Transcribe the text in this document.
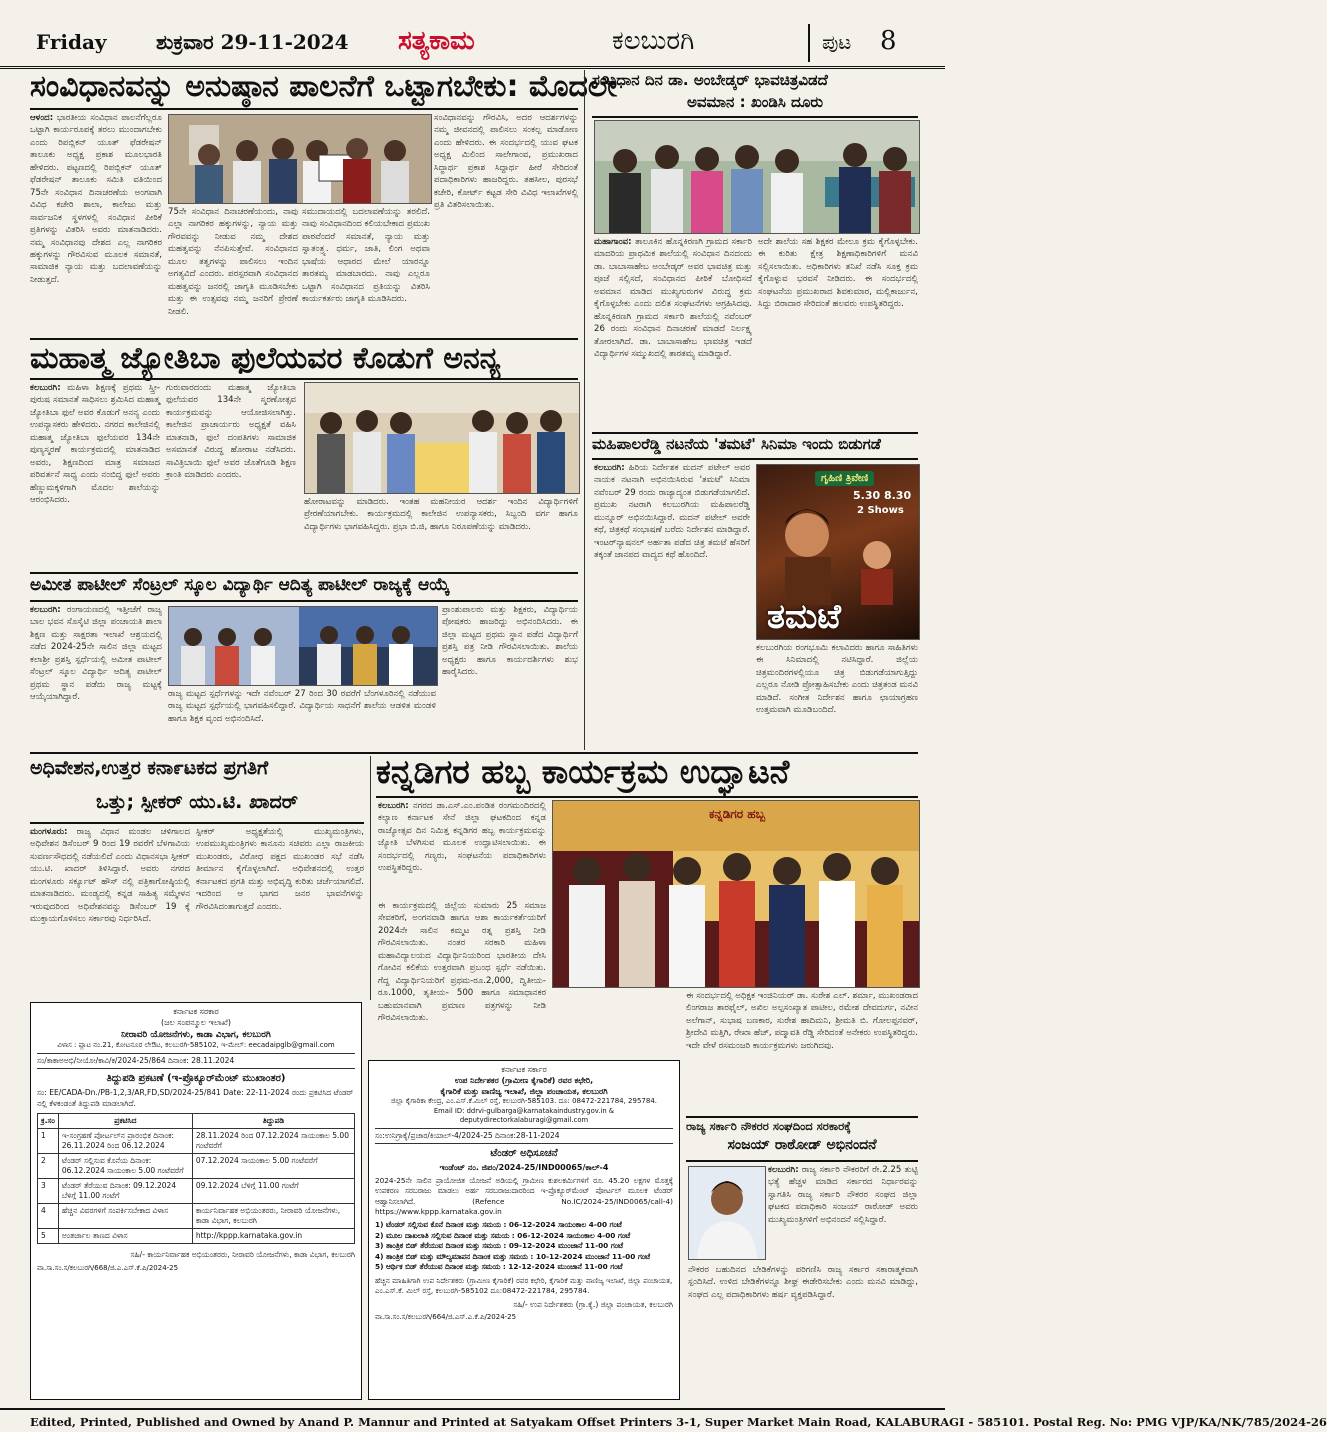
Friday ಶುಕ್ರವಾರ 29-11-2024 ಸತ್ಯಕಾಮ	ಕಲಬುರಗಿ	ಪುಟ 8
ಸಂವಿಧಾನವನ್ನು ಅನುಷ್ಠಾನ ಪಾಲನೆಗೆ ಒಟ್ಟಾಗಬೇಕು: ಮೊದಲೇ

ಆಳಂದ: ಭಾರತೀಯ ಸಂವಿಧಾನ ಪಾಲನೆಗೆಲ್ಲರೂ ಒಟ್ಟಾಗಿ ಕಾರ್ಯರೂಪಕ್ಕೆ ತರಲು ಮುಂದಾಗಬೇಕು ಎಂದು ರಿಪಬ್ಲಿಕನ್ ಯೂತ್ ಫೆಡರೇಷನ್ ತಾಲೂಕು ಅಧ್ಯಕ್ಷ ಪ್ರಕಾಶ ಮೂಲಭಾರತಿ ಹೇಳಿದರು. ಪಟ್ಟಣದಲ್ಲಿ ರಿಪಬ್ಲಿಕನ್ ಯೂತ್ ಫೆಡರೇಷನ್ ತಾಲೂಕು ಸಮಿತಿ ವತಿಯಿಂದ 75ನೇ ಸಂವಿಧಾನ ದಿನಾಚರಣೆಯ ಅಂಗವಾಗಿ ವಿವಿಧ ಕಚೇರಿ ಶಾಲಾ, ಕಾಲೇಜು ಮತ್ತು ಸಾರ್ವಜನಿಕ ಸ್ಥಳಗಳಲ್ಲಿ ಸಂವಿಧಾನ ಪೀಠಿಕೆ ಪ್ರತಿಗಳನ್ನು ವಿತರಿಸಿ ಅವರು ಮಾತನಾಡಿದರು. ನಮ್ಮ ಸಂವಿಧಾನವು ದೇಶದ ಎಲ್ಲ ನಾಗರಿಕರ ಹಕ್ಕುಗಳನ್ನು ಗೌರವಿಸುವ ಮೂಲಕ ಸಮಾನತೆ, ಸಾಮಾಜಿಕ ನ್ಯಾಯ ಮತ್ತು ಬದಲಾವಣೆಯನ್ನು ನೀಡುತ್ತದೆ.

ಸಂವಿಧಾನವನ್ನು ಗೌರವಿಸಿ, ಅದರ ಆದರ್ಶಗಳನ್ನು ನಮ್ಮ ಜೀವನದಲ್ಲಿ ಪಾಲಿಸಲು ಸಂಕಲ್ಪ ಮಾಡೋಣ ಎಂದು ಹೇಳಿದರು. ಈ ಸಂದರ್ಭದಲ್ಲಿ ಯುವ ಘಟಕ ಅಧ್ಯಕ್ಷ ಮಿಲಿಂದ ಸಾಲೇಗಾಂವ, ಪ್ರಮುಖರಾದ ಸಿದ್ಧಾರ್ಥ ಪ್ರಕಾಶ ಸಿದ್ದಾರ್ಥ ಹೀರೆ ಸೇರಿದಂತೆ ಪದಾಧಿಕಾರಿಗಳು ಹಾಜರಿದ್ದರು. ತಹಸೀಲ, ಪುರಸಭೆ ಕಚೇರಿ, ಕೋರ್ಟ್ ಕಟ್ಟಡ ಸೇರಿ ವಿವಿಧ ಇಲಾಖೆಗಳಲ್ಲಿ ಪ್ರತಿ ವಿತರಿಸಲಾಯಿತು.
75ನೇ ಸಂವಿಧಾನ ದಿನಾಚರಣೆಯಂದು, ನಾವು ಎಲ್ಲಾ ನಾಗರಿಕರ ಹಕ್ಕುಗಳನ್ನು, ನ್ಯಾಯ ಮತ್ತು ಗೌರವವನ್ನು ನೀಡುವ ನಮ್ಮ ದೇಶದ ಮಹತ್ವವನ್ನು ನೆನಪಿಸುತ್ತೇವೆ. ಸಂವಿಧಾನದ ಮೂಲ ತತ್ವಗಳನ್ನು ಪಾಲಿಸಲು ಇಂದಿನ ಅಗತ್ಯವಿದೆ ಎಂದರು. ಪರಸ್ಪರವಾಗಿ ಸಂವಿಧಾನದ ಮಹತ್ವವನ್ನು ಜನರಲ್ಲಿ ಜಾಗೃತಿ ಮೂಡಿಸಬೇಕು ಮತ್ತು ಈ ಉತ್ಸವವು ನಮ್ಮ ಜನರಿಗೆ ಪ್ರೇರಣೆ ನೀಡಲಿ.
ಸಮುದಾಯದಲ್ಲಿ ಬದಲಾವಣೆಯನ್ನು ತರಲಿದೆ. ನಾವು ಸಂವಿಧಾನದಿಂದ ಕಲಿಯಬೇಕಾದ ಪ್ರಮುಖ ಪಾಠವೆಂದರೆ ಸಮಾನತೆ, ನ್ಯಾಯ ಮತ್ತು ಸ್ವಾತಂತ್ರ್ಯ. ಧರ್ಮ, ಜಾತಿ, ಲಿಂಗ ಅಥವಾ ಭಾಷೆಯ ಆಧಾರದ ಮೇಲೆ ಯಾರನ್ನೂ ತಾರತಮ್ಯ ಮಾಡಬಾರದು. ನಾವು ಎಲ್ಲರೂ ಒಟ್ಟಾಗಿ ಸಂವಿಧಾನದ ಪ್ರತಿಯನ್ನು ವಿತರಿಸಿ ಕಾರ್ಯಕರ್ತರು ಜಾಗೃತಿ ಮೂಡಿಸಿದರು.
ಸಂವಿಧಾನ ದಿನ ಡಾ. ಅಂಬೇಡ್ಕರ್ ಭಾವಚಿತ್ರವಿಡದೆ
ಅವಮಾನ : ಖಂಡಿಸಿ ದೂರು

ಮಹಾಗಾಂವ: ತಾಲೂಕಿನ ಹೊನ್ನಕಿರಣಗಿ ಗ್ರಾಮದ ಸರ್ಕಾರಿ ಮಾದರಿಯ ಪ್ರಾಥಮಿಕ ಶಾಲೆಯಲ್ಲಿ ಸಂವಿಧಾನ ದಿನದಂದು ಡಾ. ಬಾಬಾಸಾಹೇಬ ಅಂಬೇಡ್ಕರ್ ಅವರ ಭಾವಚಿತ್ರ ಮತ್ತು ಪೂಜೆ ಸಲ್ಲಿಸದೆ, ಸಂವಿಧಾನದ ಪೀಠಿಕೆ ಬೋಧಿಸದೆ ಅವಮಾನ ಮಾಡಿದ ಮುಖ್ಯಗುರುಗಳ ವಿರುದ್ಧ ಕ್ರಮ ಕೈಗೊಳ್ಳಬೇಕು ಎಂದು ದಲಿತ ಸಂಘಟನೆಗಳು ಆಗ್ರಹಿಸಿದವು. ಹೊನ್ನಕಿರಣಗಿ ಗ್ರಾಮದ ಸರ್ಕಾರಿ ಶಾಲೆಯಲ್ಲಿ ನವೆಂಬರ್ 26 ರಂದು ಸಂವಿಧಾನ ದಿನಾಚರಣೆ ಮಾಡದೆ ನಿರ್ಲಕ್ಷ್ಯ ತೋರಲಾಗಿದೆ. ಡಾ. ಬಾಬಾಸಾಹೇಬ ಭಾವಚಿತ್ರ ಇಡದೆ ವಿದ್ಯಾರ್ಥಿಗಳ ಸಮ್ಮುಖದಲ್ಲಿ ತಾರತಮ್ಯ ಮಾಡಿದ್ದಾರೆ.

ಅದೇ ಶಾಲೆಯ ಸಹ ಶಿಕ್ಷಕರ ಮೇಲೂ ಕ್ರಮ ಕೈಗೊಳ್ಳಬೇಕು. ಈ ಕುರಿತು ಕ್ಷೇತ್ರ ಶಿಕ್ಷಣಾಧಿಕಾರಿಗಳಿಗೆ ಮನವಿ ಸಲ್ಲಿಸಲಾಯಿತು. ಅಧಿಕಾರಿಗಳು ತನಿಖೆ ನಡೆಸಿ ಸೂಕ್ತ ಕ್ರಮ ಕೈಗೊಳ್ಳುವ ಭರವಸೆ ನೀಡಿದರು. ಈ ಸಂದರ್ಭದಲ್ಲಿ ಸಂಘಟನೆಯ ಪ್ರಮುಖರಾದ ಶಿವಕುಮಾರ, ಮಲ್ಲಿಕಾರ್ಜುನ, ಸಿದ್ದು ಬಿರಾದಾರ ಸೇರಿದಂತೆ ಹಲವರು ಉಪಸ್ಥಿತರಿದ್ದರು.
ಮಹಾತ್ಮ ಜ್ಯೋತಿಬಾ ಫುಲೆಯವರ ಕೊಡುಗೆ ಅನನ್ಯ

ಕಲಬುರಗಿ: ಮಹಿಳಾ ಶಿಕ್ಷಣಕ್ಕೆ ಪ್ರಥಮ ಸ್ತ್ರೀ-ಪುರುಷ ಸಮಾನತೆ ಸಾಧಿಸಲು ಶ್ರಮಿಸಿದ ಮಹಾತ್ಮ ಜ್ಯೋತಿಬಾ ಫುಲೆ ಅವರ ಕೊಡುಗೆ ಅನನ್ಯ ಎಂದು ಉಪನ್ಯಾಸಕರು ಹೇಳಿದರು. ನಗರದ ಕಾಲೇಜಿನಲ್ಲಿ ಮಹಾತ್ಮ ಜ್ಯೋತಿಬಾ ಫುಲೆಯವರ 134ನೇ ಪುಣ್ಯಸ್ಮರಣೆ ಕಾರ್ಯಕ್ರಮದಲ್ಲಿ ಮಾತನಾಡಿದ ಅವರು, ಶಿಕ್ಷಣದಿಂದ ಮಾತ್ರ ಸಮಾಜದ ಪರಿವರ್ತನೆ ಸಾಧ್ಯ ಎಂದು ನಂಬಿದ್ದ ಫುಲೆ ಅವರು ಹೆಣ್ಣುಮಕ್ಕಳಿಗಾಗಿ ಮೊದಲ ಶಾಲೆಯನ್ನು ಆರಂಭಿಸಿದರು.

ಗುರುವಾರದಂದು ಮಹಾತ್ಮ ಜ್ಯೋತಿಬಾ ಫುಲೆಯವರ 134ನೇ ಸ್ಮರಣೋತ್ಸವ ಕಾರ್ಯಕ್ರಮವನ್ನು ಆಯೋಜಿಸಲಾಗಿತ್ತು. ಕಾಲೇಜಿನ ಪ್ರಾಚಾರ್ಯರು ಅಧ್ಯಕ್ಷತೆ ವಹಿಸಿ ಮಾತನಾಡಿ, ಫುಲೆ ದಂಪತಿಗಳು ಸಾಮಾಜಿಕ ಅಸಮಾನತೆ ವಿರುದ್ಧ ಹೋರಾಟ ನಡೆಸಿದರು. ಸಾವಿತ್ರಿಬಾಯಿ ಫುಲೆ ಅವರ ಜೊತೆಗೂಡಿ ಶಿಕ್ಷಣ ಕ್ರಾಂತಿ ಮಾಡಿದರು ಎಂದರು.
ಹೋರಾಟವನ್ನು ಮಾಡಿದರು. ಇಂತಹ ಮಹನೀಯರ ಆದರ್ಶ ಇಂದಿನ ವಿದ್ಯಾರ್ಥಿಗಳಿಗೆ ಪ್ರೇರಣೆಯಾಗಬೇಕು. ಕಾರ್ಯಕ್ರಮದಲ್ಲಿ ಕಾಲೇಜಿನ ಉಪನ್ಯಾಸಕರು, ಸಿಬ್ಬಂದಿ ವರ್ಗ ಹಾಗೂ ವಿದ್ಯಾರ್ಥಿಗಳು ಭಾಗವಹಿಸಿದ್ದರು. ಪ್ರಭಾ ಬಿ.ಜಿ, ಹಾಗೂ ನಿರೂಪಣೆಯನ್ನು ಮಾಡಿದರು.
ಅಮೀತ ಪಾಟೀಲ್ ಸೆಂಟ್ರಲ್ ಸ್ಕೂಲ ವಿದ್ಯಾರ್ಥಿ ಆದಿತ್ಯ ಪಾಟೀಲ್ ರಾಜ್ಯಕ್ಕೆ ಆಯ್ಕೆ

ಕಲಬುರಗಿ: ರಂಗಾಯಣದಲ್ಲಿ ಇತ್ತೀಚೆಗೆ ರಾಜ್ಯ ಬಾಲ ಭವನ ಸೊಸೈಟಿ ಜಿಲ್ಲಾ ಪಂಚಾಯತಿ ಶಾಲಾ ಶಿಕ್ಷಣ ಮತ್ತು ಸಾಕ್ಷರತಾ ಇಲಾಖೆ ಆಶ್ರಯದಲ್ಲಿ ನಡೆದ 2024-25ನೇ ಸಾಲಿನ ಜಿಲ್ಲಾ ಮಟ್ಟದ ಕಲಾಶ್ರೀ ಪ್ರಶಸ್ತಿ ಸ್ಪರ್ಧೆಯಲ್ಲಿ ಅಮೀತ ಪಾಟೀಲ್ ಸೆಂಟ್ರಲ್ ಸ್ಕೂಲ ವಿದ್ಯಾರ್ಥಿ ಆದಿತ್ಯ ಪಾಟೀಲ್ ಪ್ರಥಮ ಸ್ಥಾನ ಪಡೆದು ರಾಜ್ಯ ಮಟ್ಟಕ್ಕೆ ಆಯ್ಕೆಯಾಗಿದ್ದಾರೆ.	ರಾಜ್ಯ ಮಟ್ಟದ ಸ್ಪರ್ಧೆಗಳನ್ನು ಇದೇ ನವೆಂಬರ್ 27 ರಿಂದ 30 ರವರೆಗೆ ಬೆಂಗಳೂರಿನಲ್ಲಿ ನಡೆಯುವ ರಾಜ್ಯ ಮಟ್ಟದ ಸ್ಪರ್ಧೆಯಲ್ಲಿ ಭಾಗವಹಿಸಲಿದ್ದಾರೆ. ವಿದ್ಯಾರ್ಥಿಯ ಸಾಧನೆಗೆ ಶಾಲೆಯ ಆಡಳಿತ ಮಂಡಳಿ ಹಾಗೂ ಶಿಕ್ಷಕ ವೃಂದ ಅಭಿನಂದಿಸಿದೆ.
ಪ್ರಾಂಶುಪಾಲರು ಮತ್ತು ಶಿಕ್ಷಕರು, ವಿದ್ಯಾರ್ಥಿಯ ಪೋಷಕರು ಹಾಜರಿದ್ದು ಅಭಿನಂದಿಸಿದರು. ಈ ಜಿಲ್ಲಾ ಮಟ್ಟದ ಪ್ರಥಮ ಸ್ಥಾನ ಪಡೆದ ವಿದ್ಯಾರ್ಥಿಗೆ ಪ್ರಶಸ್ತಿ ಪತ್ರ ನೀಡಿ ಗೌರವಿಸಲಾಯಿತು. ಶಾಲೆಯ ಅಧ್ಯಕ್ಷರು ಹಾಗೂ ಕಾರ್ಯದರ್ಶಿಗಳು ಶುಭ ಹಾರೈಸಿದರು.
ಮಹಿಪಾಲರೆಡ್ಡಿ ನಟನೆಯ 'ತಮಟೆ' ಸಿನಿಮಾ ಇಂದು ಬಿಡುಗಡೆ

ಕಲಬುರಗಿ: ಹಿರಿಯ ನಿರ್ದೇಶಕ ಮದನ್ ಪಟೇಲ್ ಅವರ ನಾಯಕ ನಟನಾಗಿ ಅಭಿನಯಿಸಿರುವ 'ತಮಟೆ' ಸಿನಿಮಾ ನವೆಂಬರ್ 29 ರಂದು ರಾಜ್ಯಾದ್ಯಂತ ಬಿಡುಗಡೆಯಾಗಲಿದೆ. ಪ್ರಮುಖ ನಟರಾಗಿ ಕಲಬುರಗಿಯ ಮಹಿಪಾಲರೆಡ್ಡಿ ಮುನ್ನೂರ್ ಅಭಿನಯಿಸಿದ್ದಾರೆ. ಮದನ್ ಪಟೇಲ್ ಅವರೇ ಕಥೆ, ಚಿತ್ರಕಥೆ ಸಂಭಾಷಣೆ ಬರೆದು ನಿರ್ದೇಶನ ಮಾಡಿದ್ದಾರೆ. ಇಂಟರ್‌ನ್ಯಾಷನಲ್ ಅರ್ಹತಾ ಪಡೆದ ಚಿತ್ರ ತಮಟೆ ಹೆಸರಿಗೆ ತಕ್ಕಂತೆ ಜಾನಪದ ವಾದ್ಯದ ಕಥೆ ಹೊಂದಿದೆ.

ಗೃಹಿಣಿ ತ್ರಿವೇಣಿ
5.30 8.30
2 Shows
ತಮಟೆ
ಕಲಬುರಗಿಯ ರಂಗಭೂಮಿ ಕಲಾವಿದರು ಹಾಗೂ ಸಾಹಿತಿಗಳು ಈ ಸಿನಿಮಾದಲ್ಲಿ ನಟಿಸಿದ್ದಾರೆ. ಜಿಲ್ಲೆಯ ಚಿತ್ರಮಂದಿರಗಳಲ್ಲಿಯೂ ಚಿತ್ರ ಬಿಡುಗಡೆಯಾಗುತ್ತಿದ್ದು ಎಲ್ಲರೂ ನೋಡಿ ಪ್ರೋತ್ಸಾಹಿಸಬೇಕು ಎಂದು ಚಿತ್ರತಂಡ ಮನವಿ ಮಾಡಿದೆ. ಸಂಗೀತ ನಿರ್ದೇಶನ ಹಾಗೂ ಛಾಯಾಗ್ರಹಣ ಉತ್ತಮವಾಗಿ ಮೂಡಿಬಂದಿದೆ.
ಅಧಿವೇಶನ,ಉತ್ತರ ಕನಾ೯ಟಕದ ಪ್ರಗತಿಗೆ
ಒತ್ತು; ಸ್ಪೀಕರ್ ಯು.ಟಿ. ಖಾದರ್

ಮಂಗಳೂರು: ರಾಜ್ಯ ವಿಧಾನ ಮಂಡಲ ಚಳಿಗಾಲದ ಅಧಿವೇಶನ ಡಿಸೆಂಬರ್ 9 ರಿಂದ 19 ರವರೆಗೆ ಬೆಳಗಾವಿಯ ಸುವರ್ಣಸೌಧದಲ್ಲಿ ನಡೆಯಲಿದೆ ಎಂದು ವಿಧಾನಸಭಾ ಸ್ಪೀಕರ್ ಯು.ಟಿ. ಖಾದರ್ ತಿಳಿಸಿದ್ದಾರೆ. ಅವರು ನಗರದ ಮಂಗಳೂರು ಸರ್ಕ್ಯೂಟ್ ಹೌಸ್ ನಲ್ಲಿ ಪತ್ರಿಕಾಗೋಷ್ಠಿಯಲ್ಲಿ ಮಾತನಾಡಿದರು. ಮಂಡ್ಯದಲ್ಲಿ ಕನ್ನಡ ಸಾಹಿತ್ಯ ಸಮ್ಮೇಳನ ಇರುವುದರಿಂದ ಅಧಿವೇಶನವನ್ನು ಡಿಸೆಂಬರ್ 19 ಕ್ಕೆ ಮುಕ್ತಾಯಗೊಳಿಸಲು ಸರ್ಕಾರವು ನಿರ್ಧರಿಸಿದೆ.

ಸ್ಪೀಕರ್ ಅಧ್ಯಕ್ಷತೆಯಲ್ಲಿ ಮುಖ್ಯಮಂತ್ರಿಗಳು, ಉಪಮುಖ್ಯಮಂತ್ರಿಗಳು ಕಾನೂನು ಸಚಿವರು ಎಲ್ಲಾ ರಾಜಕೀಯ ಮುಖಂಡರು, ವಿರೋಧ ಪಕ್ಷದ ಮುಖಂಡರ ಸಭೆ ನಡೆಸಿ ತೀರ್ಮಾನ ಕೈಗೊಳ್ಳಲಾಗಿದೆ. ಅಧಿವೇಶನದಲ್ಲಿ ಉತ್ತರ ಕರ್ನಾಟಕದ ಪ್ರಗತಿ ಮತ್ತು ಅಭಿವೃದ್ಧಿ ಕುರಿತು ಚರ್ಚೆಯಾಗಲಿದೆ. ಇದರಿಂದ ಆ ಭಾಗದ ಜನರ ಭಾವನೆಗಳನ್ನು ಗೌರವಿಸಿದಂತಾಗುತ್ತದೆ ಎಂದರು.
ಕನ್ನಡಿಗರ ಹಬ್ಬ ಕಾರ್ಯಕ್ರಮ ಉದ್ಘಾಟನೆ

ಕಲಬುರಗಿ: ನಗರದ ಡಾ.ಎಸ್.ಎಂ.ಪಂಡಿತ ರಂಗಮಂದಿರದಲ್ಲಿ ಕಲ್ಯಾಣ ಕರ್ನಾಟಕ ಸೇನೆ ಜಿಲ್ಲಾ ಘಟಕದಿಂದ ಕನ್ನಡ ರಾಜ್ಯೋತ್ಸವ ದಿನ ನಿಮಿತ್ತ ಕನ್ನಡಿಗರ ಹಬ್ಬ ಕಾರ್ಯಕ್ರಮವನ್ನು ಜ್ಯೋತಿ ಬೆಳಗಿಸುವ ಮೂಲಕ ಉದ್ಘಾಟಿಸಲಾಯಿತು. ಈ ಸಂದರ್ಭದಲ್ಲಿ ಗಣ್ಯರು, ಸಂಘಟನೆಯ ಪದಾಧಿಕಾರಿಗಳು ಉಪಸ್ಥಿತರಿದ್ದರು.

ಕನ್ನಡಿಗರ ಹಬ್ಬ
ಈ ಕಾರ್ಯಕ್ರಮದಲ್ಲಿ ಜಿಲ್ಲೆಯ ಸುಮಾರು 25 ಸಮಾಜ ಸೇವಕರಿಗೆ, ಅಂಗನವಾಡಿ ಹಾಗೂ ಆಶಾ ಕಾರ್ಯಕರ್ತೆಯರಿಗೆ 2024ನೇ ಸಾಲಿನ ಕಮ್ಮಟ ರತ್ನ ಪ್ರಶಸ್ತಿ ನೀಡಿ ಗೌರವಿಸಲಾಯಿತು. ನಂತರ ಸರಕಾರಿ ಮಹಿಳಾ ಮಹಾವಿದ್ಯಾಲಯದ ವಿದ್ಯಾರ್ಥಿನಿಯರಿಂದ ಭಾರತೀಯ ದೇಸಿ ಗೋವಿನ ಕಲಿಕೆಯ ಉತ್ತರವಾಗಿ ಪ್ರಬಂಧ ಸ್ಪರ್ಧೆ ನಡೆಯಿತು. ಗೆದ್ದ ವಿದ್ಯಾರ್ಥಿನಿಯರಿಗೆ ಪ್ರಥಮ-ರೂ.2,000, ದ್ವಿತೀಯ-ರೂ.1000, ತೃತೀಯ- 500 ಹಾಗೂ ಸಮಾಧಾನಕರ ಬಹುಮಾನವಾಗಿ ಪ್ರಮಾಣ ಪತ್ರಗಳನ್ನು ನೀಡಿ ಗೌರವಿಸಲಾಯಿತು.
ಈ ಸಂದರ್ಭದಲ್ಲಿ ಅಧಿಕ್ಷಕ ಇಂಜಿನಿಯರ್ ಡಾ. ಸುರೇಶ ಎಲ್. ಶರ್ಮಾ, ಮುಖಂಡರಾದ ಲಿಂಗರಾಜ ತಾರಫೈಲ್, ಅಖಿಲ ಅಲ್ಪಸಂಖ್ಯಾತ ಪಾಟೀಲ, ರಮೇಶ ದೇವದುರ್ಗ, ನವೀನ ಅಲೆಗಾನ್, ಸುಭಾಷ ಬಣಕಾರ, ಸುರೇಶ ಹಾದಿಮನಿ, ಶ್ರೀಮತಿ ಬಿ. ಗೋಲಪ್ಪನವರ್, ಶ್ರೀದೇವಿ ಮತ್ತಿಗಿ, ರೇಖಾ ಹೆಚ್, ಪದ್ಮಾವತಿ ರೆಡ್ಡಿ ಸೇರಿದಂತೆ ಅನೇಕರು ಉಪಸ್ಥಿತರಿದ್ದರು. ಇದೇ ವೇಳೆ ರಸಮಂಜರಿ ಕಾರ್ಯಕ್ರಮಗಳು ಜರುಗಿದವು.
ಕರ್ನಾಟಕ ಸರಕಾರ
(ಜಲ ಸಂಪನ್ಮೂಲ ಇಲಾಖೆ)
ನೀರಾವರಿ ಯೋಜನೆಗಳು, ಕಾಡಾ ವಿಭಾಗ, ಕಲಬುರಗಿ
ವಿಳಾಸ : ಪ್ಲಾಟ ನಂ.21, ಕೋಟನೂರ ಲೇಔಟ, ಕಲಬುರಗಿ-585102, ಇ-ಮೇಲ್: eecadaipglb@gmail.com
ಸಂ/ಕಾಕಾಅಅಭಿ/ನೀಯೋ/ಕಾವಿ/ಕ/2024-25/864 ದಿನಾಂಕ: 28.11.2024
ತಿದ್ದುಪಡಿ ಪ್ರಕಟಣೆ (ಇ-ಪ್ರೊಕ್ಯೂರ್‌ಮೆಂಟ್ ಮುಖಾಂತರ)
ಸಂ: EE/CADA-Dn./PB-1,2,3/AR,FD,SD/2024-25/841 Date: 22-11-2024 ರಂದು ಪ್ರಕಟಿಸಿದ ಟೆಂಡರ್ ನಲ್ಲಿ ಕೆಳಕಂಡಂತೆ ತಿದ್ದುಪಡಿ ಮಾಡಲಾಗಿದೆ.
ಕ್ರ.ಸಂ	ಪ್ರಕಟಿಸಿದ	ತಿದ್ದುಪಡಿ
1	ಇ-ಸಂಗ್ರಹಣೆ ಪೋರ್ಟಲ್‌ನ ಪ್ರಾರಂಭಿಕ ದಿನಾಂಕ: 26.11.2024 ರಿಂದ 06.12.2024	28.11.2024 ರಿಂದ 07.12.2024 ಸಾಯಂಕಾಲ 5.00 ಗಂಟೆವರೆಗೆ
2	ಟೆಂಡರ್ ಸಲ್ಲಿಸುವ ಕೊನೆಯ ದಿನಾಂಕ: 06.12.2024 ಸಾಯಂಕಾಲ 5.00 ಗಂಟೆವರೆಗೆ	07.12.2024 ಸಾಯಂಕಾಲ 5.00 ಗಂಟೆವರೆಗೆ
3	ಟೆಂಡರ್ ತೆರೆಯುವ ದಿನಾಂಕ: 09.12.2024 ಬೆಳಿಗ್ಗೆ 11.00 ಗಂಟೆಗೆ	09.12.2024 ಬೆಳಿಗ್ಗೆ 11.00 ಗಂಟೆಗೆ
4	ಹೆಚ್ಚಿನ ವಿವರಗಳಿಗೆ ಸಂಪರ್ಕಿಸಬೇಕಾದ ವಿಳಾಸ	ಕಾರ್ಯನಿರ್ವಾಹಕ ಅಭಿಯಂತರರು, ನೀರಾವರಿ ಯೋಜನೆಗಳು, ಕಾಡಾ ವಿಭಾಗ, ಕಲಬುರಗಿ
5	ಅಂತರ್ಜಾಲ ತಾಣದ ವಿಳಾಸ	http://kppp.karnataka.gov.in
ಸಹಿ/- ಕಾರ್ಯನಿರ್ವಾಹಕ ಅಭಿಯಂತರರು, ನೀರಾವರಿ ಯೋಜನೆಗಳು, ಕಾಡಾ ವಿಭಾಗ, ಕಲಬುರಗಿ
ವಾ.ಸಾ.ಸಂ.ಸ/ಕಲಬುರಗಿ/668/ಜಿ.ಎ.ಎಸ್.ಕೆ.ಪಿ/2024-25
ಕರ್ನಾಟಕ ಸರ್ಕಾರ
ಉಪ ನಿರ್ದೇಶಕರ (ಗ್ರಾಮೀಣ ಕೈಗಾರಿಕೆ) ರವರ ಕಛೇರಿ,
ಕೈಗಾರಿಕೆ ಮತ್ತು ವಾಣಿಜ್ಯ ಇಲಾಖೆ, ಜಿಲ್ಲಾ ಪಂಚಾಯತ, ಕಲಬುರಗಿ
ಜಿಲ್ಲಾ ಕೈಗಾರಿಕಾ ಕೇಂದ್ರ, ಎಂ.ಎಸ್.ಕೆ.ಮಿಲ್ ರಸ್ತೆ, ಕಲಬುರಗಿ-585103. ದೂ: 08472-221784, 295784.
Email ID: ddrvi-gulbarga@karnatakaindustry.gov.in & deputydirectorkalaburagi@gmail.com
ಸಂ:ಉನಿಗ್ರಾಕೈ/ಪ್ರಚಾರ/ಕಿಯಾಲ್-4/2024-25 ದಿನಾಂಕ:28-11-2024
ಟೆಂಡರ್ ಅಧಿಸೂಚನೆ
ಇಂಡೆಂಟ್ ನಂ. ಜಿಪಂ/2024-25/IND00065/ಕಾಲ್-4
2024-25ನೇ ಸಾಲಿನ ಪ್ರಾಯೋಜಿತ ಯೋಜನೆ ಅಡಿಯಲ್ಲಿ ಗ್ರಾಮೀಣ ಕುಶಲಕರ್ಮಿಗಳಿಗೆ ರೂ. 45.20 ಲಕ್ಷಗಳ ಮೊತ್ತಕ್ಕೆ ಉಪಕರಣ ಸರಬರಾಜು ಮಾಡಲು ಅರ್ಹ ಸರಬರಾಜುದಾರರಿಂದ ಇ-ಪ್ರೊಕ್ಯೂರ್‌ಮೆಂಟ್ ಪೋರ್ಟಲ್ ಮೂಲಕ ಟೆಂಡರ್ ಆಹ್ವಾನಿಸಲಾಗಿದೆ. (Refence No.IC/2024-25/IND0065/call-4) https://www.kppp.karnataka.gov.in
1) ಟೆಂಡರ್ ಸಲ್ಲಿಸುವ ಕೊನೆ ದಿನಾಂಕ ಮತ್ತು ಸಮಯ : 06-12-2024 ಸಾಯಂಕಾಲ 4-00 ಗಂಟೆ
2) ಮೂಲ ದಾಖಲಾತಿ ಸಲ್ಲಿಸುವ ದಿನಾಂಕ ಮತ್ತು ಸಮಯ : 06-12-2024 ಸಾಯಂಕಾಲ 4-00 ಗಂಟೆ
3) ತಾಂತ್ರಿಕ ಬಿಡ್ ತೆರೆಯುವ ದಿನಾಂಕ ಮತ್ತು ಸಮಯ : 09-12-2024 ಮುಂಜಾನೆ 11-00 ಗಂಟೆ
4) ತಾಂತ್ರಿಕ ಬಿಡ್ ಮತ್ತು ಮೌಲ್ಯಮಾಪನ ದಿನಾಂಕ ಮತ್ತು ಸಮಯ : 10-12-2024 ಮುಂಜಾನೆ 11-00 ಗಂಟೆ
5) ಆರ್ಥಿಕ ಬಿಡ್ ತೆರೆಯುವ ದಿನಾಂಕ ಮತ್ತು ಸಮಯ : 12-12-2024 ಮುಂಜಾನೆ 11-00 ಗಂಟೆ
ಹೆಚ್ಚಿನ ಮಾಹಿತಿಗಾಗಿ ಉಪ ನಿರ್ದೇಶಕರು (ಗ್ರಾಮೀಣ ಕೈಗಾರಿಕೆ) ರವರ ಕಛೇರಿ, ಕೈಗಾರಿಕೆ ಮತ್ತು ವಾಣಿಜ್ಯ ಇಲಾಖೆ, ಜಿಲ್ಲಾ ಪಂಚಾಯತ, ಎಂ.ಎಸ್.ಕೆ. ಮಿಲ್ ರಸ್ತೆ, ಕಲಬುರಗಿ-585102 ದೂ:08472-221784, 295784.
ಸಹಿ/- ಉಪ ನಿರ್ದೇಶಕರು (ಗ್ರಾ.ಕೈ.) ಜಿಲ್ಲಾ ಪಂಚಾಯತ, ಕಲಬುರಗಿ
ವಾ.ಸಾ.ಸಂ.ಸ/ಕಲಬುರಗಿ/664/ಜಿ.ಎಸ್.ಎ.ಕೆ.ಪಿ/2024-25
ರಾಜ್ಯ ಸರ್ಕಾರಿ ನೌಕರರ ಸಂಘದಿಂದ ಸರಕಾರಕ್ಕೆ
ಸಂಜಯ್ ರಾಠೋಡ್ ಅಭಿನಂದನೆ

ಕಲಬುರಗಿ: ರಾಜ್ಯ ಸರ್ಕಾರಿ ನೌಕರರಿಗೆ ರೇ.2.25 ತುಟ್ಟಿ ಭತ್ಯೆ ಹೆಚ್ಚಳ ಮಾಡಿದ ಸರ್ಕಾರದ ನಿರ್ಧಾರವನ್ನು ಸ್ವಾಗತಿಸಿ ರಾಜ್ಯ ಸರ್ಕಾರಿ ನೌಕರರ ಸಂಘದ ಜಿಲ್ಲಾ ಘಟಕದ ಪದಾಧಿಕಾರಿ ಸಂಜಯ್ ರಾಠೋಡ್ ಅವರು ಮುಖ್ಯಮಂತ್ರಿಗಳಿಗೆ ಅಭಿನಂದನೆ ಸಲ್ಲಿಸಿದ್ದಾರೆ.

ನೌಕರರ ಬಹುದಿನದ ಬೇಡಿಕೆಗಳನ್ನು ಪರಿಗಣಿಸಿ ರಾಜ್ಯ ಸರ್ಕಾರ ಸಕಾರಾತ್ಮಕವಾಗಿ ಸ್ಪಂದಿಸಿದೆ. ಉಳಿದ ಬೇಡಿಕೆಗಳನ್ನೂ ಶೀಘ್ರ ಈಡೇರಿಸಬೇಕು ಎಂದು ಮನವಿ ಮಾಡಿದ್ದು, ಸಂಘದ ಎಲ್ಲ ಪದಾಧಿಕಾರಿಗಳು ಹರ್ಷ ವ್ಯಕ್ತಪಡಿಸಿದ್ದಾರೆ.
Edited, Printed, Published and Owned by Anand P. Mannur and Printed at Satyakam Offset Printers 3-1, Super Market Main Road, KALABURAGI - 585101. Postal Reg. No: PMG VJP/KA/NK/785/2024-26
